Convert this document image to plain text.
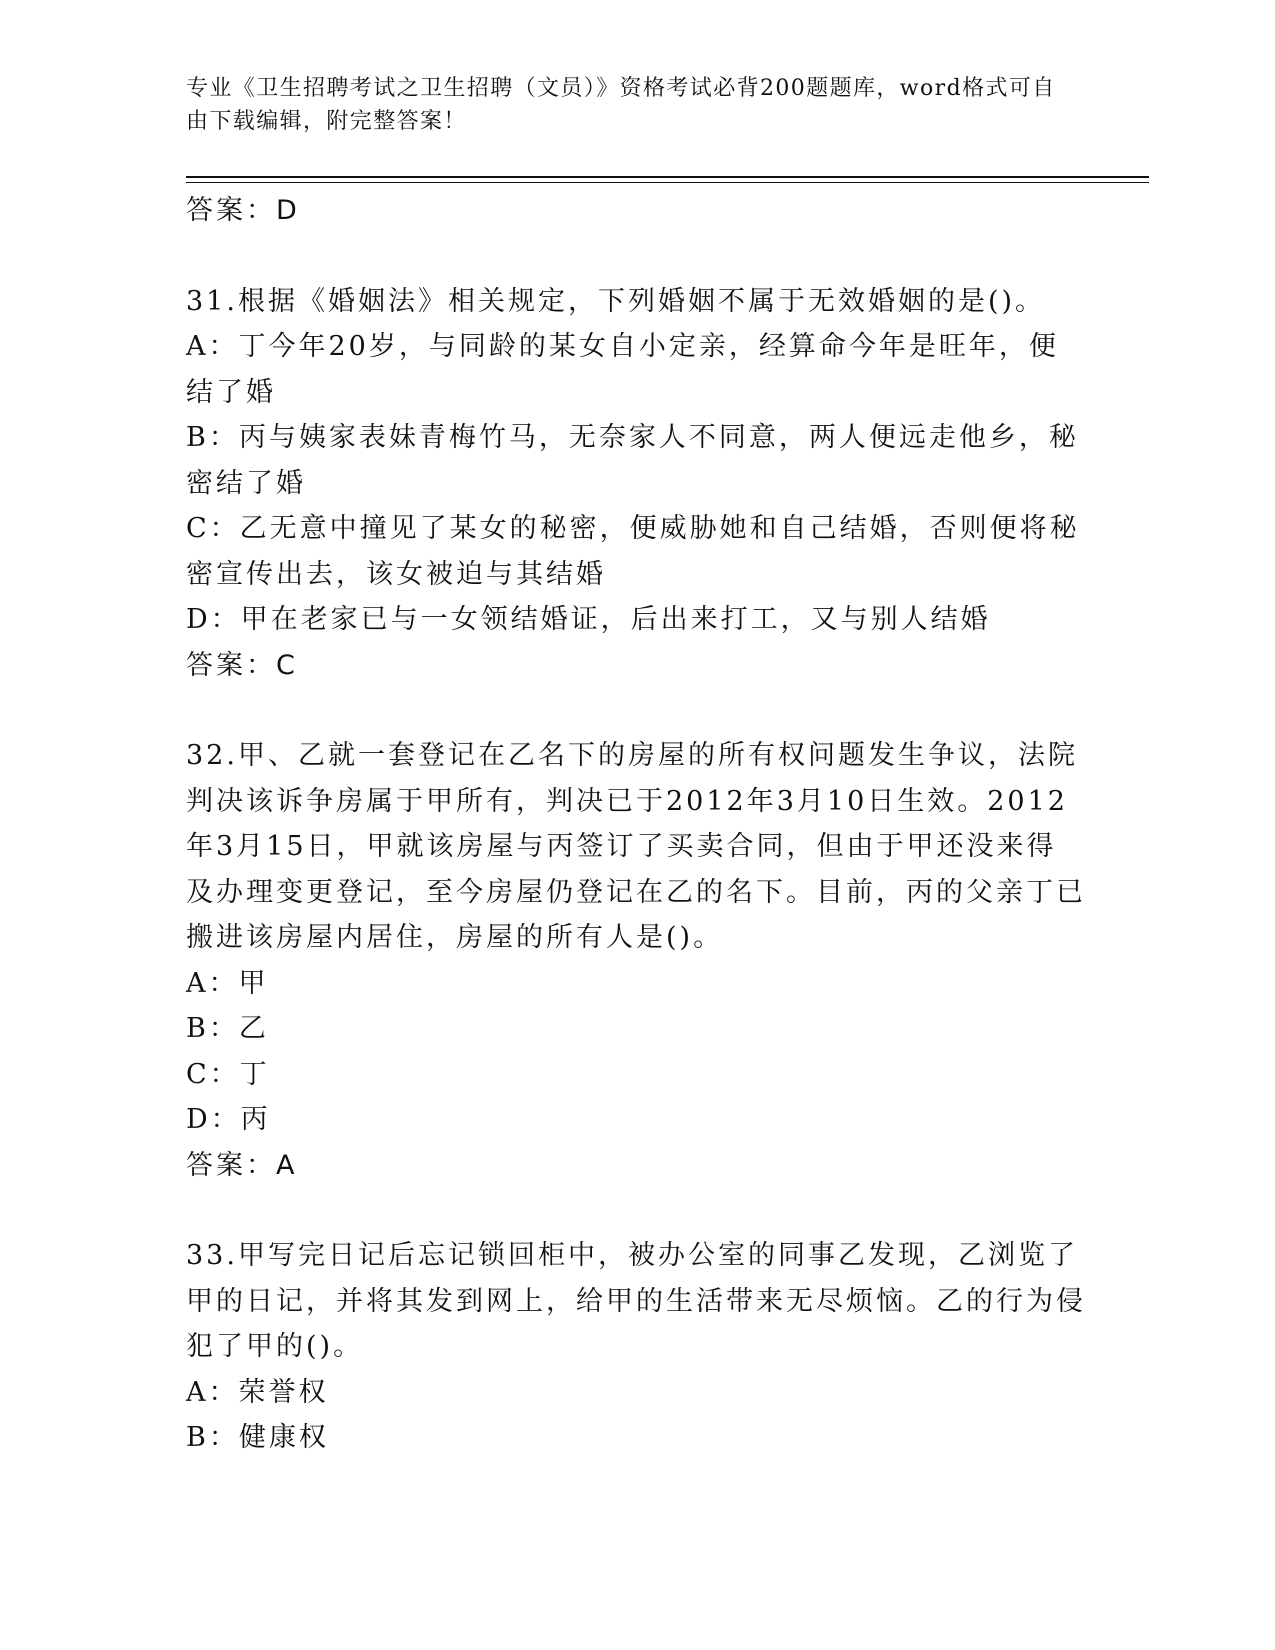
专业《卫生招聘考试之卫生招聘（文员）》资格考试必背200题题库，word格式可自由下载编辑，附完整答案！
答案：D
31.根据《婚姻法》相关规定，下列婚姻不属于无效婚姻的是()。
A：丁今年20岁，与同龄的某女自小定亲，经算命今年是旺年，便结了婚
B：丙与姨家表妹青梅竹马，无奈家人不同意，两人便远走他乡，秘密结了婚
C：乙无意中撞见了某女的秘密，便威胁她和自己结婚，否则便将秘密宣传出去，该女被迫与其结婚
D：甲在老家已与一女领结婚证，后出来打工，又与别人结婚
答案：C
32.甲、乙就一套登记在乙名下的房屋的所有权问题发生争议，法院判决该诉争房属于甲所有，判决已于2012年3月10日生效。2012年3月15日，甲就该房屋与丙签订了买卖合同，但由于甲还没来得及办理变更登记，至今房屋仍登记在乙的名下。目前，丙的父亲丁已搬进该房屋内居住，房屋的所有人是()。
A：甲
B：乙
C：丁
D：丙
答案：A
33.甲写完日记后忘记锁回柜中，被办公室的同事乙发现，乙浏览了甲的日记，并将其发到网上，给甲的生活带来无尽烦恼。乙的行为侵犯了甲的()。
A：荣誉权
B：健康权
